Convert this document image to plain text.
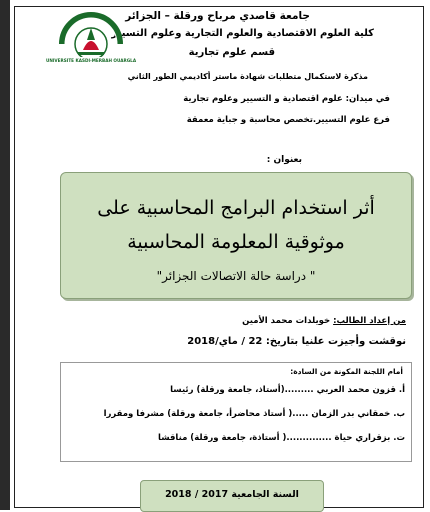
جامعة قاصدي مرباح ورقلة – الجزائر
كلية العلوم الاقتصادية والعلوم التجارية وعلوم التسيير
قسم علوم تجارية
مذكرة لاستكمال متطلبات شهادة ماستر أكاديمي الطور الثاني
في ميدان: علوم اقتصادية و التسيير وعلوم تجارية
فرع علوم التسيير.تخصص محاسبة و جباية معمقة
UNIVERSITE KASDI-MERBAH OUARGLA
بعنوان :
أثر استخدام البرامج المحاسبية على موثوقية المعلومة المحاسبية
" دراسة حالة الاتصالات الجزائر"
من إعداد الطالب: خويلدات محمد الأمين
نوقشت وأجيزت علنيا بتاريخ: 22 / ماي/2018
أمام اللجنة المكونة من السادة:
أ. قزون محمد العربي .........(أستاذ، جامعة ورقلة) رئيسا
ب. خمقاني بدر الزمان .....( أستاذ محاضرأ، جامعة ورقلة) مشرفا ومقررا
ت. بزقراري حياة ..............( أستاذة، جامعة ورقلة) مناقشا
السنة الجامعية 2017 / 2018
